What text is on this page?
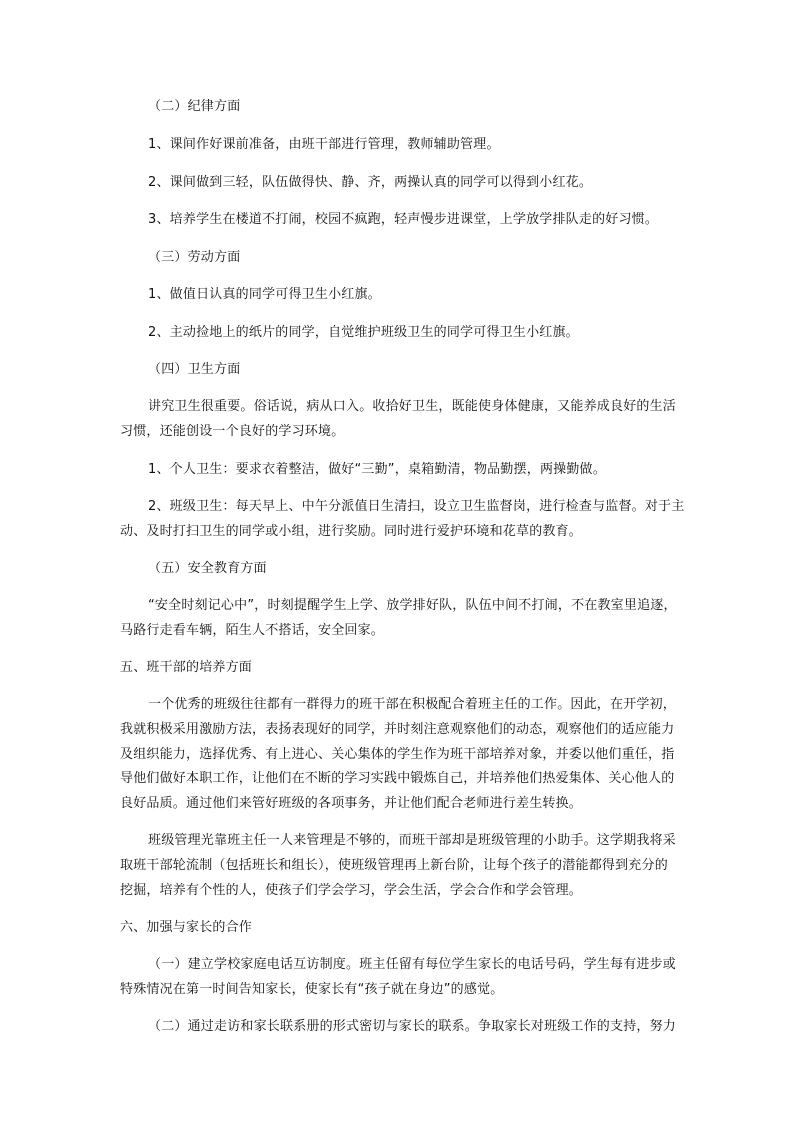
（二）纪律方面
1、课间作好课前准备，由班干部进行管理，教师辅助管理。
2、课间做到三轻，队伍做得快、静、齐，两操认真的同学可以得到小红花。
3、培养学生在楼道不打闹，校园不疯跑，轻声慢步进课堂，上学放学排队走的好习惯。
（三）劳动方面
1、做值日认真的同学可得卫生小红旗。
2、主动捡地上的纸片的同学，自觉维护班级卫生的同学可得卫生小红旗。
（四）卫生方面
讲究卫生很重要。俗话说，病从口入。收拾好卫生，既能使身体健康，又能养成良好的生活
习惯，还能创设一个良好的学习环境。
1、个人卫生：要求衣着整洁，做好“三勤”，桌箱勤清，物品勤摆，两操勤做。
2、班级卫生：每天早上、中午分派值日生清扫，设立卫生监督岗，进行检查与监督。对于主
动、及时打扫卫生的同学或小组，进行奖励。同时进行爱护环境和花草的教育。
（五）安全教育方面
“安全时刻记心中”，时刻提醒学生上学、放学排好队，队伍中间不打闹，不在教室里追逐，
马路行走看车辆，陌生人不搭话，安全回家。
五、班干部的培养方面
一个优秀的班级往往都有一群得力的班干部在积极配合着班主任的工作。因此，在开学初，
我就积极采用激励方法，表扬表现好的同学，并时刻注意观察他们的动态，观察他们的适应能力
及组织能力，选择优秀、有上进心、关心集体的学生作为班干部培养对象，并委以他们重任，指
导他们做好本职工作，让他们在不断的学习实践中锻炼自己，并培养他们热爱集体、关心他人的
良好品质。通过他们来管好班级的各项事务，并让他们配合老师进行差生转换。
班级管理光靠班主任一人来管理是不够的，而班干部却是班级管理的小助手。这学期我将采
取班干部轮流制（包括班长和组长），使班级管理再上新台阶，让每个孩子的潜能都得到充分的
挖掘，培养有个性的人，使孩子们学会学习，学会生活，学会合作和学会管理。
六、加强与家长的合作
（一）建立学校家庭电话互访制度。班主任留有每位学生家长的电话号码，学生每有进步或
特殊情况在第一时间告知家长，使家长有“孩子就在身边”的感觉。
（二）通过走访和家长联系册的形式密切与家长的联系。争取家长对班级工作的支持，努力
